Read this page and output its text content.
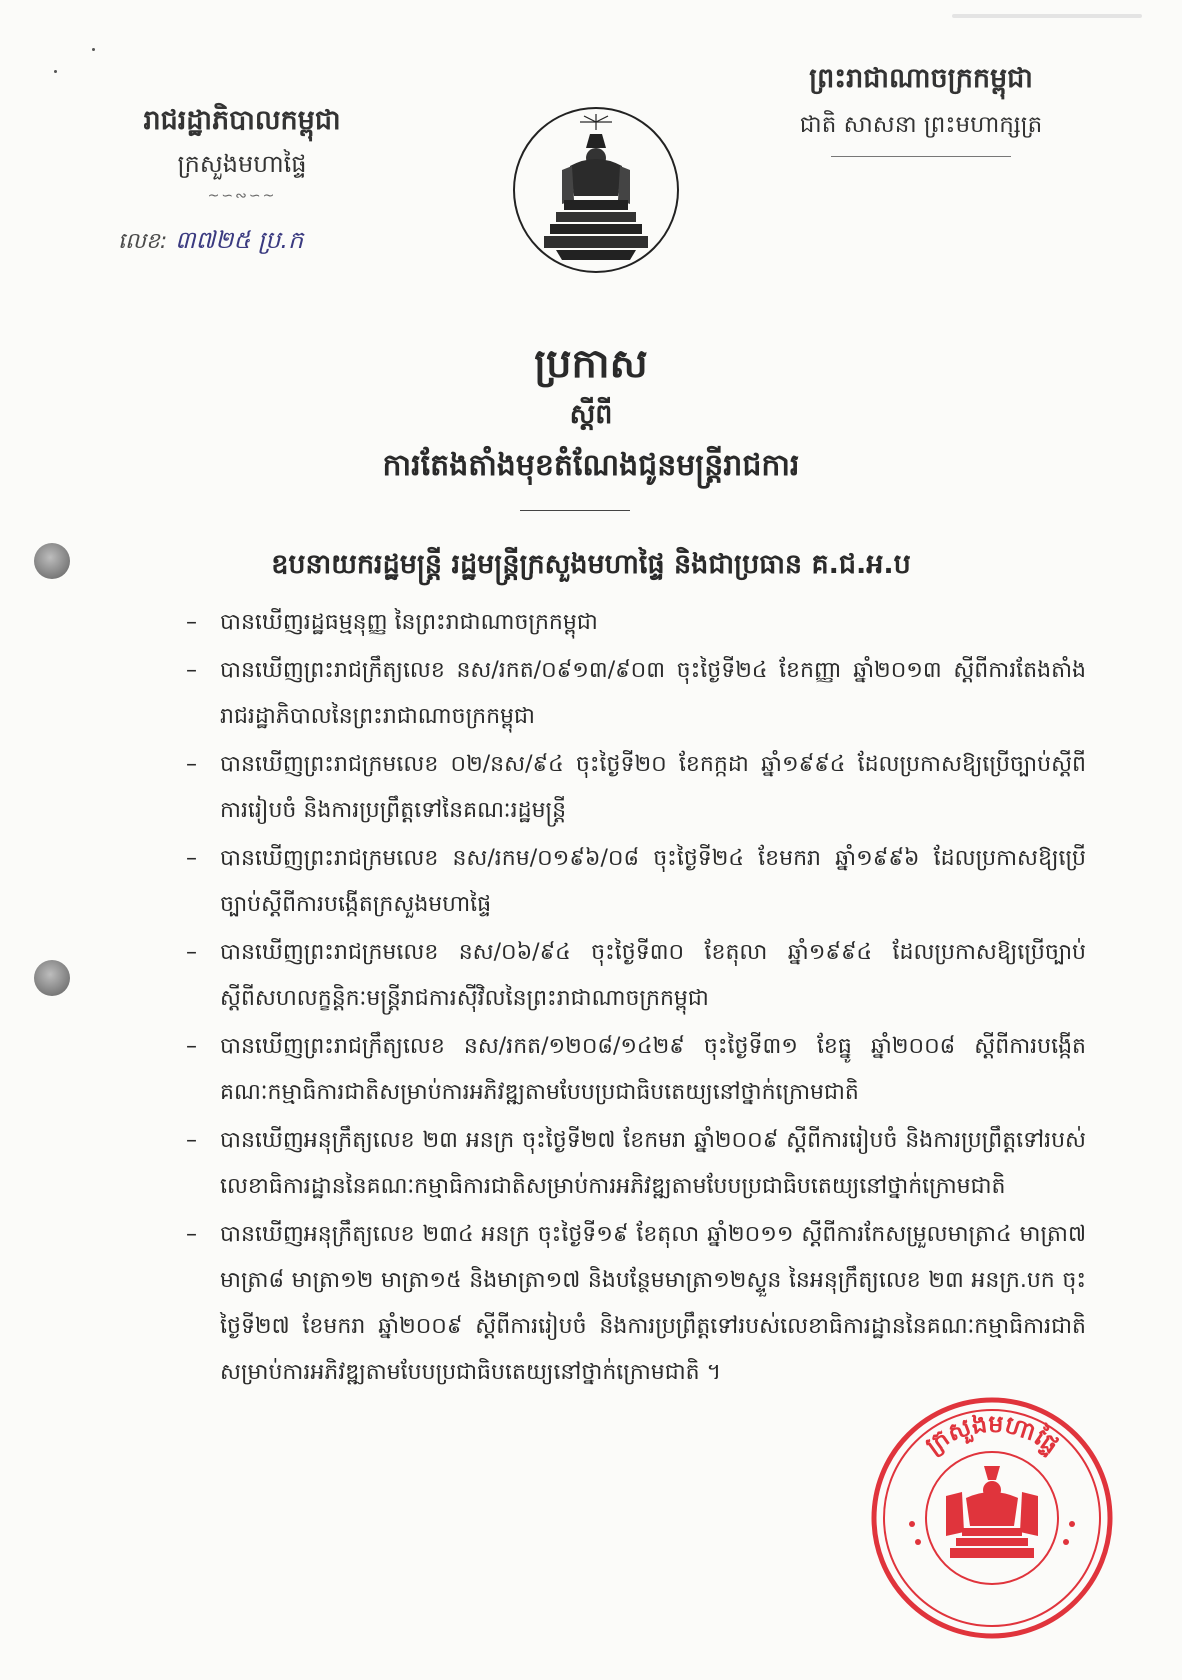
រាជរដ្ឋាភិបាលកម្ពុជា
ក្រសួងមហាផ្ទៃ
~∽∾∽~
លេខ: ៣៧២៥ ប្រ.ក
ព្រះរាជាណាចក្រកម្ពុជា
ជាតិ សាសនា ព្រះមហាក្សត្រ
ប្រកាស
ស្តីពី
ការតែងតាំងមុខតំណែងជូនមន្ត្រីរាជការ
ឧបនាយករដ្ឋមន្ត្រី រដ្ឋមន្ត្រីក្រសួងមហាផ្ទៃ និងជាប្រធាន គ.ជ.អ.ប
– បានឃើញរដ្ឋធម្មនុញ្ញ នៃព្រះរាជាណាចក្រកម្ពុជា
– បានឃើញព្រះរាជក្រឹត្យលេខ នស/រកត/០៩១៣/៩០៣ ចុះថ្ងៃទី២៤ ខែកញ្ញា ឆ្នាំ២០១៣ ស្តីពីការតែងតាំងរាជរដ្ឋាភិបាលនៃព្រះរាជាណាចក្រកម្ពុជា
– បានឃើញព្រះរាជក្រមលេខ ០២/នស/៩៤ ចុះថ្ងៃទី២០ ខែកក្កដា ឆ្នាំ១៩៩៤ ដែលប្រកាសឱ្យប្រើច្បាប់ស្តីពីការរៀបចំ និងការប្រព្រឹត្តទៅនៃគណៈរដ្ឋមន្ត្រី
– បានឃើញព្រះរាជក្រមលេខ នស/រកម/០១៩៦/០៨ ចុះថ្ងៃទី២៤ ខែមករា ឆ្នាំ១៩៩៦ ដែលប្រកាសឱ្យប្រើច្បាប់ស្តីពីការបង្កើតក្រសួងមហាផ្ទៃ
– បានឃើញព្រះរាជក្រមលេខ នស/០៦/៩៤ ចុះថ្ងៃទី៣០ ខែតុលា ឆ្នាំ១៩៩៤ ដែលប្រកាសឱ្យប្រើច្បាប់ស្តីពីសហលក្ខន្តិកៈមន្ត្រីរាជការស៊ីវិលនៃព្រះរាជាណាចក្រកម្ពុជា
– បានឃើញព្រះរាជក្រឹត្យលេខ នស/រកត/១២០៨/១៤២៩ ចុះថ្ងៃទី៣១ ខែធ្នូ ឆ្នាំ២០០៨ ស្តីពីការបង្កើតគណៈកម្មាធិការជាតិសម្រាប់ការអភិវឌ្ឍតាមបែបប្រជាធិបតេយ្យនៅថ្នាក់ក្រោមជាតិ
– បានឃើញអនុក្រឹត្យលេខ ២៣ អនក្រ ចុះថ្ងៃទី២៧ ខែកមរា ឆ្នាំ២០០៩ ស្តីពីការរៀបចំ និងការប្រព្រឹត្តទៅរបស់លេខាធិការដ្ឋាននៃគណៈកម្មាធិការជាតិសម្រាប់ការអភិវឌ្ឍតាមបែបប្រជាធិបតេយ្យនៅថ្នាក់ក្រោមជាតិ
– បានឃើញអនុក្រឹត្យលេខ ២៣៤ អនក្រ ចុះថ្ងៃទី១៩ ខែតុលា ឆ្នាំ២០១១ ស្តីពីការកែសម្រួលមាត្រា៤ មាត្រា៧ មាត្រា៨ មាត្រា១២ មាត្រា១៥ និងមាត្រា១៧ និងបន្ថែមមាត្រា១២ស្ទួន នៃអនុក្រឹត្យលេខ ២៣ អនក្រ.បក ចុះថ្ងៃទី២៧ ខែមករា ឆ្នាំ២០០៩ ស្តីពីការរៀបចំ និងការប្រព្រឹត្តទៅរបស់លេខាធិការដ្ឋាននៃគណៈកម្មាធិការជាតិសម្រាប់ការអភិវឌ្ឍតាមបែបប្រជាធិបតេយ្យនៅថ្នាក់ក្រោមជាតិ ។
ក្រសួងមហាផ្ទៃ
